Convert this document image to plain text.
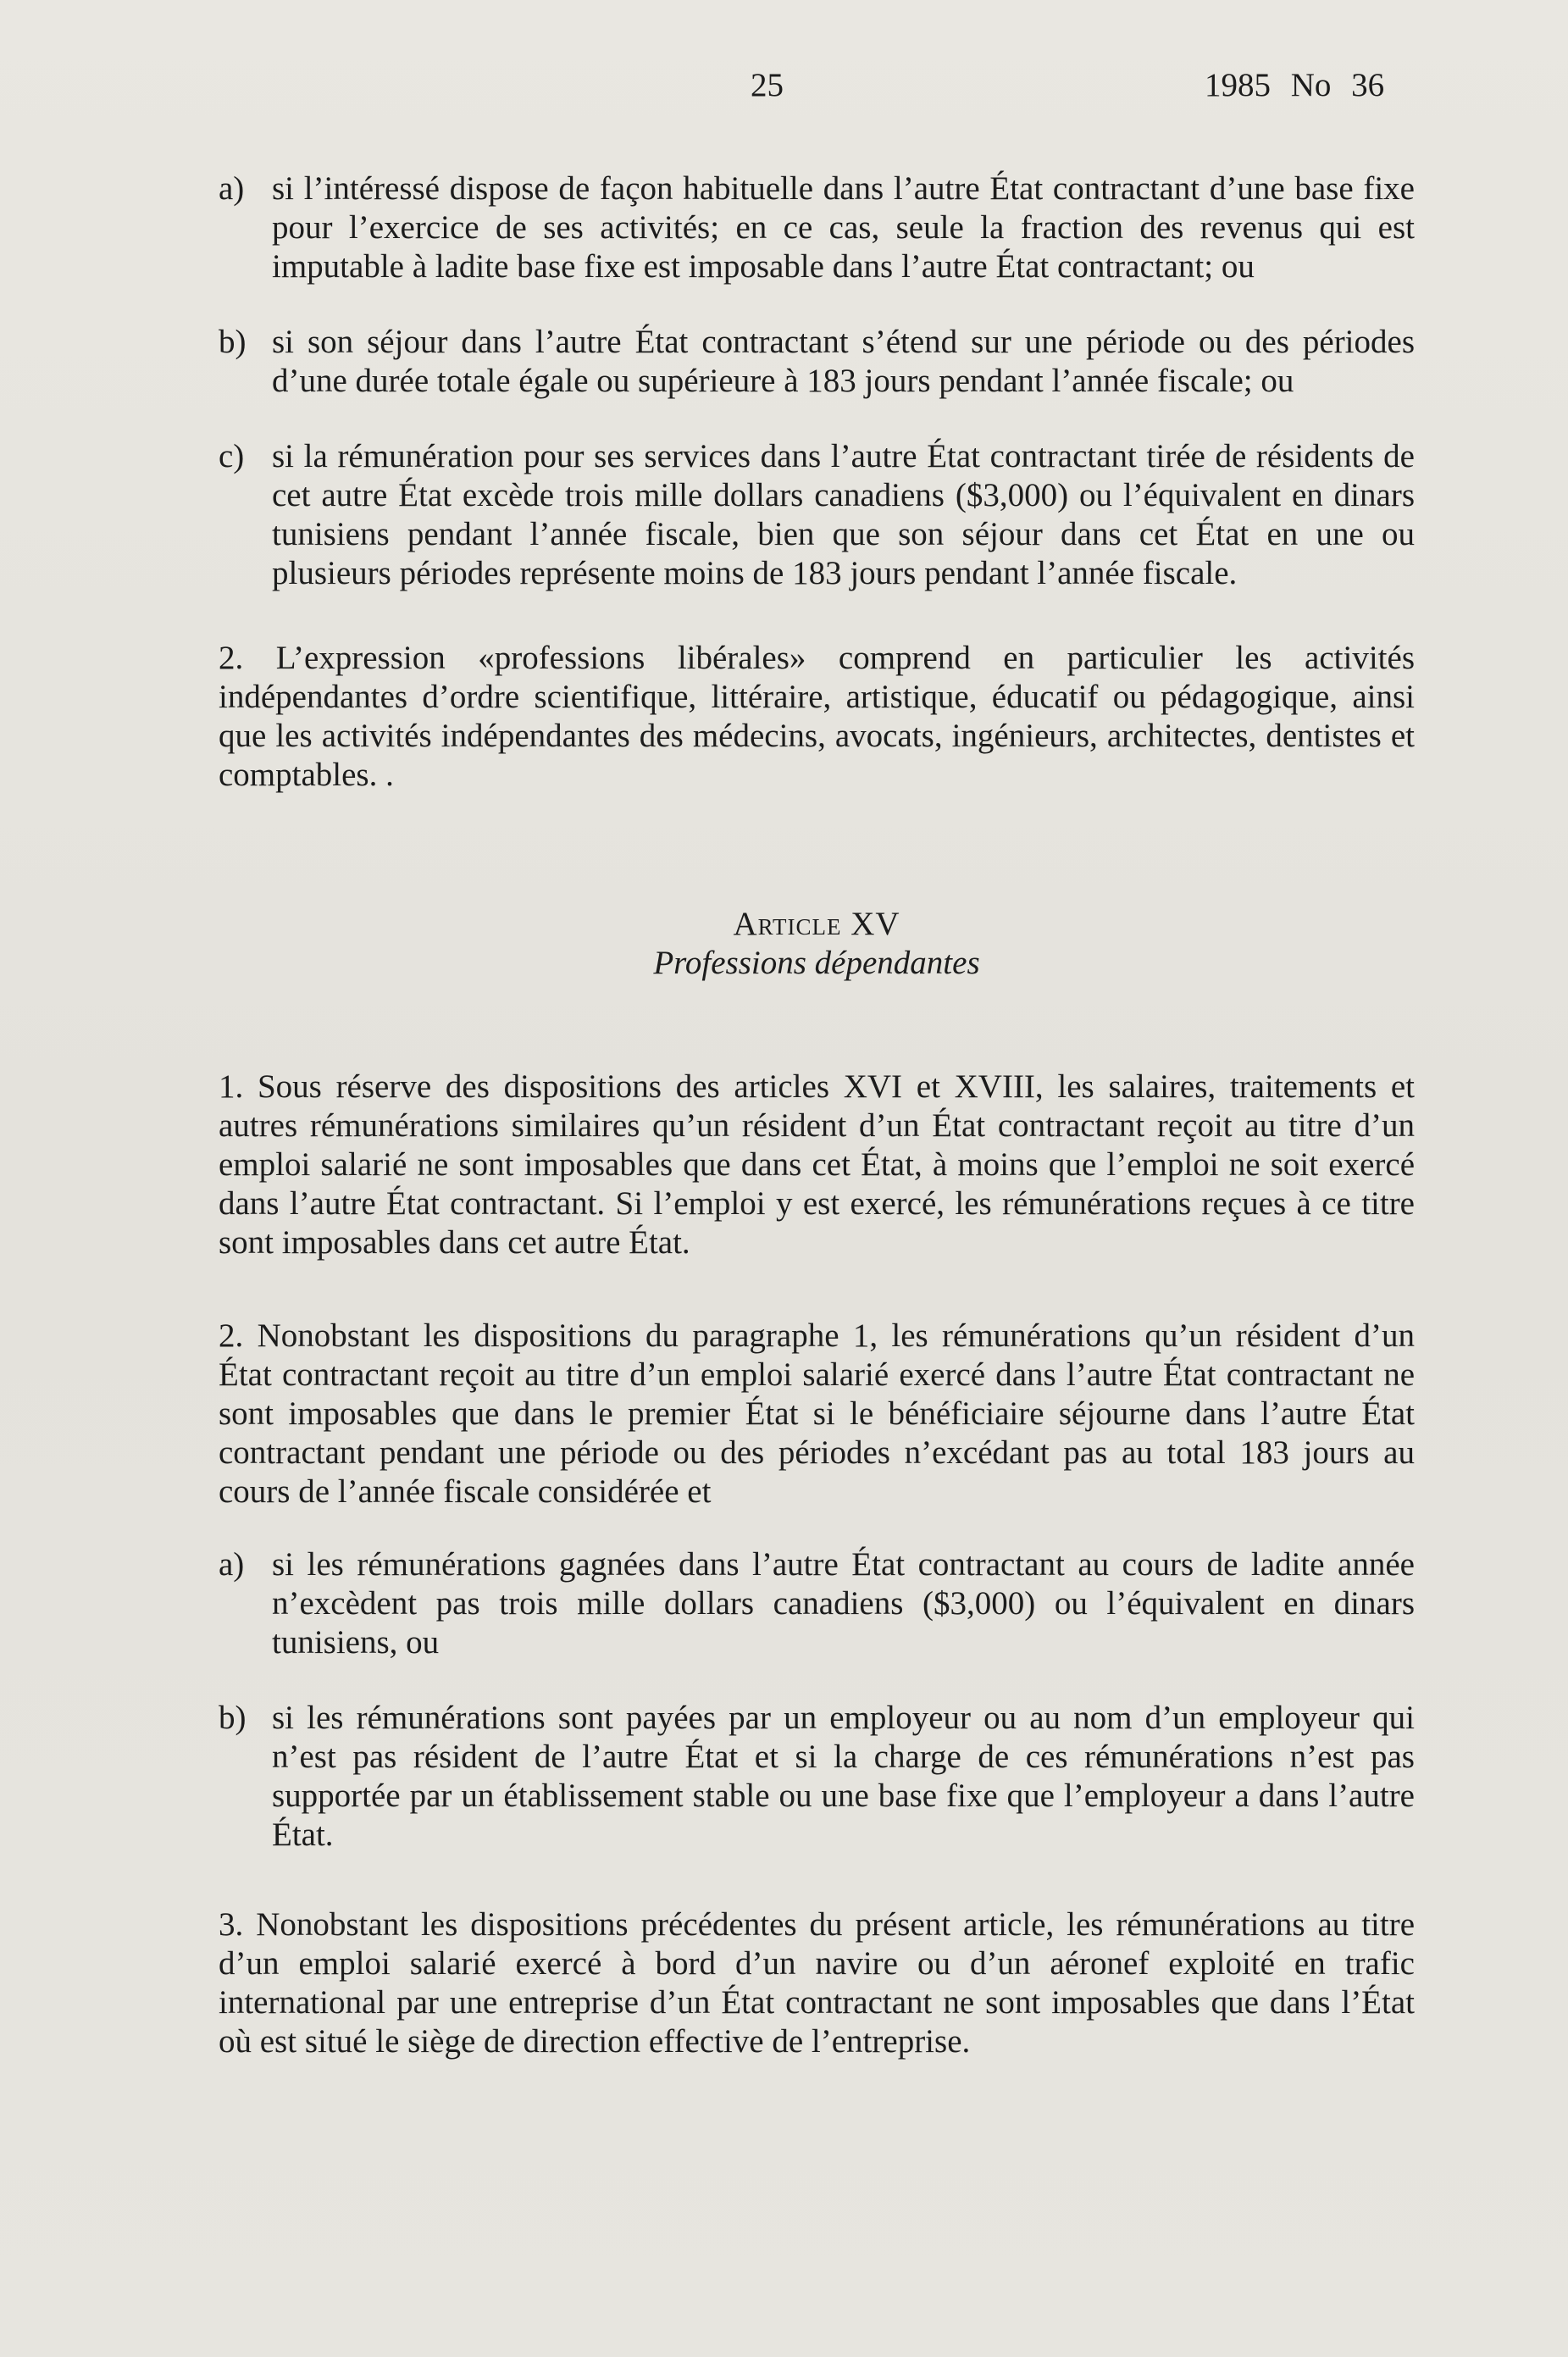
25	1985 No 36
a) si l’intéressé dispose de façon habituelle dans l’autre État contractant d’une base fixe pour l’exercice de ses activités; en ce cas, seule la fraction des revenus qui est imputable à ladite base fixe est imposable dans l’autre État contractant; ou
b) si son séjour dans l’autre État contractant s’étend sur une période ou des périodes d’une durée totale égale ou supérieure à 183 jours pendant l’année fiscale; ou
c) si la rémunération pour ses services dans l’autre État contractant tirée de résidents de cet autre État excède trois mille dollars canadiens ($3,000) ou l’équivalent en dinars tunisiens pendant l’année fiscale, bien que son séjour dans cet État en une ou plusieurs périodes représente moins de 183 jours pendant l’année fiscale.

2. L’expression «professions libérales» comprend en particulier les activités indépendantes d’ordre scientifique, littéraire, artistique, éducatif ou pédagogique, ainsi que les activités indépendantes des médecins, avocats, ingénieurs, architectes, dentistes et comptables. .

Article XV
Professions dépendantes

1. Sous réserve des dispositions des articles XVI et XVIII, les salaires, traitements et autres rémunérations similaires qu’un résident d’un État contractant reçoit au titre d’un emploi salarié ne sont imposables que dans cet État, à moins que l’emploi ne soit exercé dans l’autre État contractant. Si l’emploi y est exercé, les rémunérations reçues à ce titre sont imposables dans cet autre État.

2. Nonobstant les dispositions du paragraphe 1, les rémunérations qu’un résident d’un État contractant reçoit au titre d’un emploi salarié exercé dans l’autre État contractant ne sont imposables que dans le premier État si le bénéficiaire séjourne dans l’autre État contractant pendant une période ou des périodes n’excédant pas au total 183 jours au cours de l’année fiscale considérée et

a) si les rémunérations gagnées dans l’autre État contractant au cours de ladite année n’excèdent pas trois mille dollars canadiens ($3,000) ou l’équivalent en dinars tunisiens, ou
b) si les rémunérations sont payées par un employeur ou au nom d’un employeur qui n’est pas résident de l’autre État et si la charge de ces rémunérations n’est pas supportée par un établissement stable ou une base fixe que l’employeur a dans l’autre État.

3. Nonobstant les dispositions précédentes du présent article, les rémunérations au titre d’un emploi salarié exercé à bord d’un navire ou d’un aéronef exploité en trafic international par une entreprise d’un État contractant ne sont imposables que dans l’État où est situé le siège de direction effective de l’entreprise.
